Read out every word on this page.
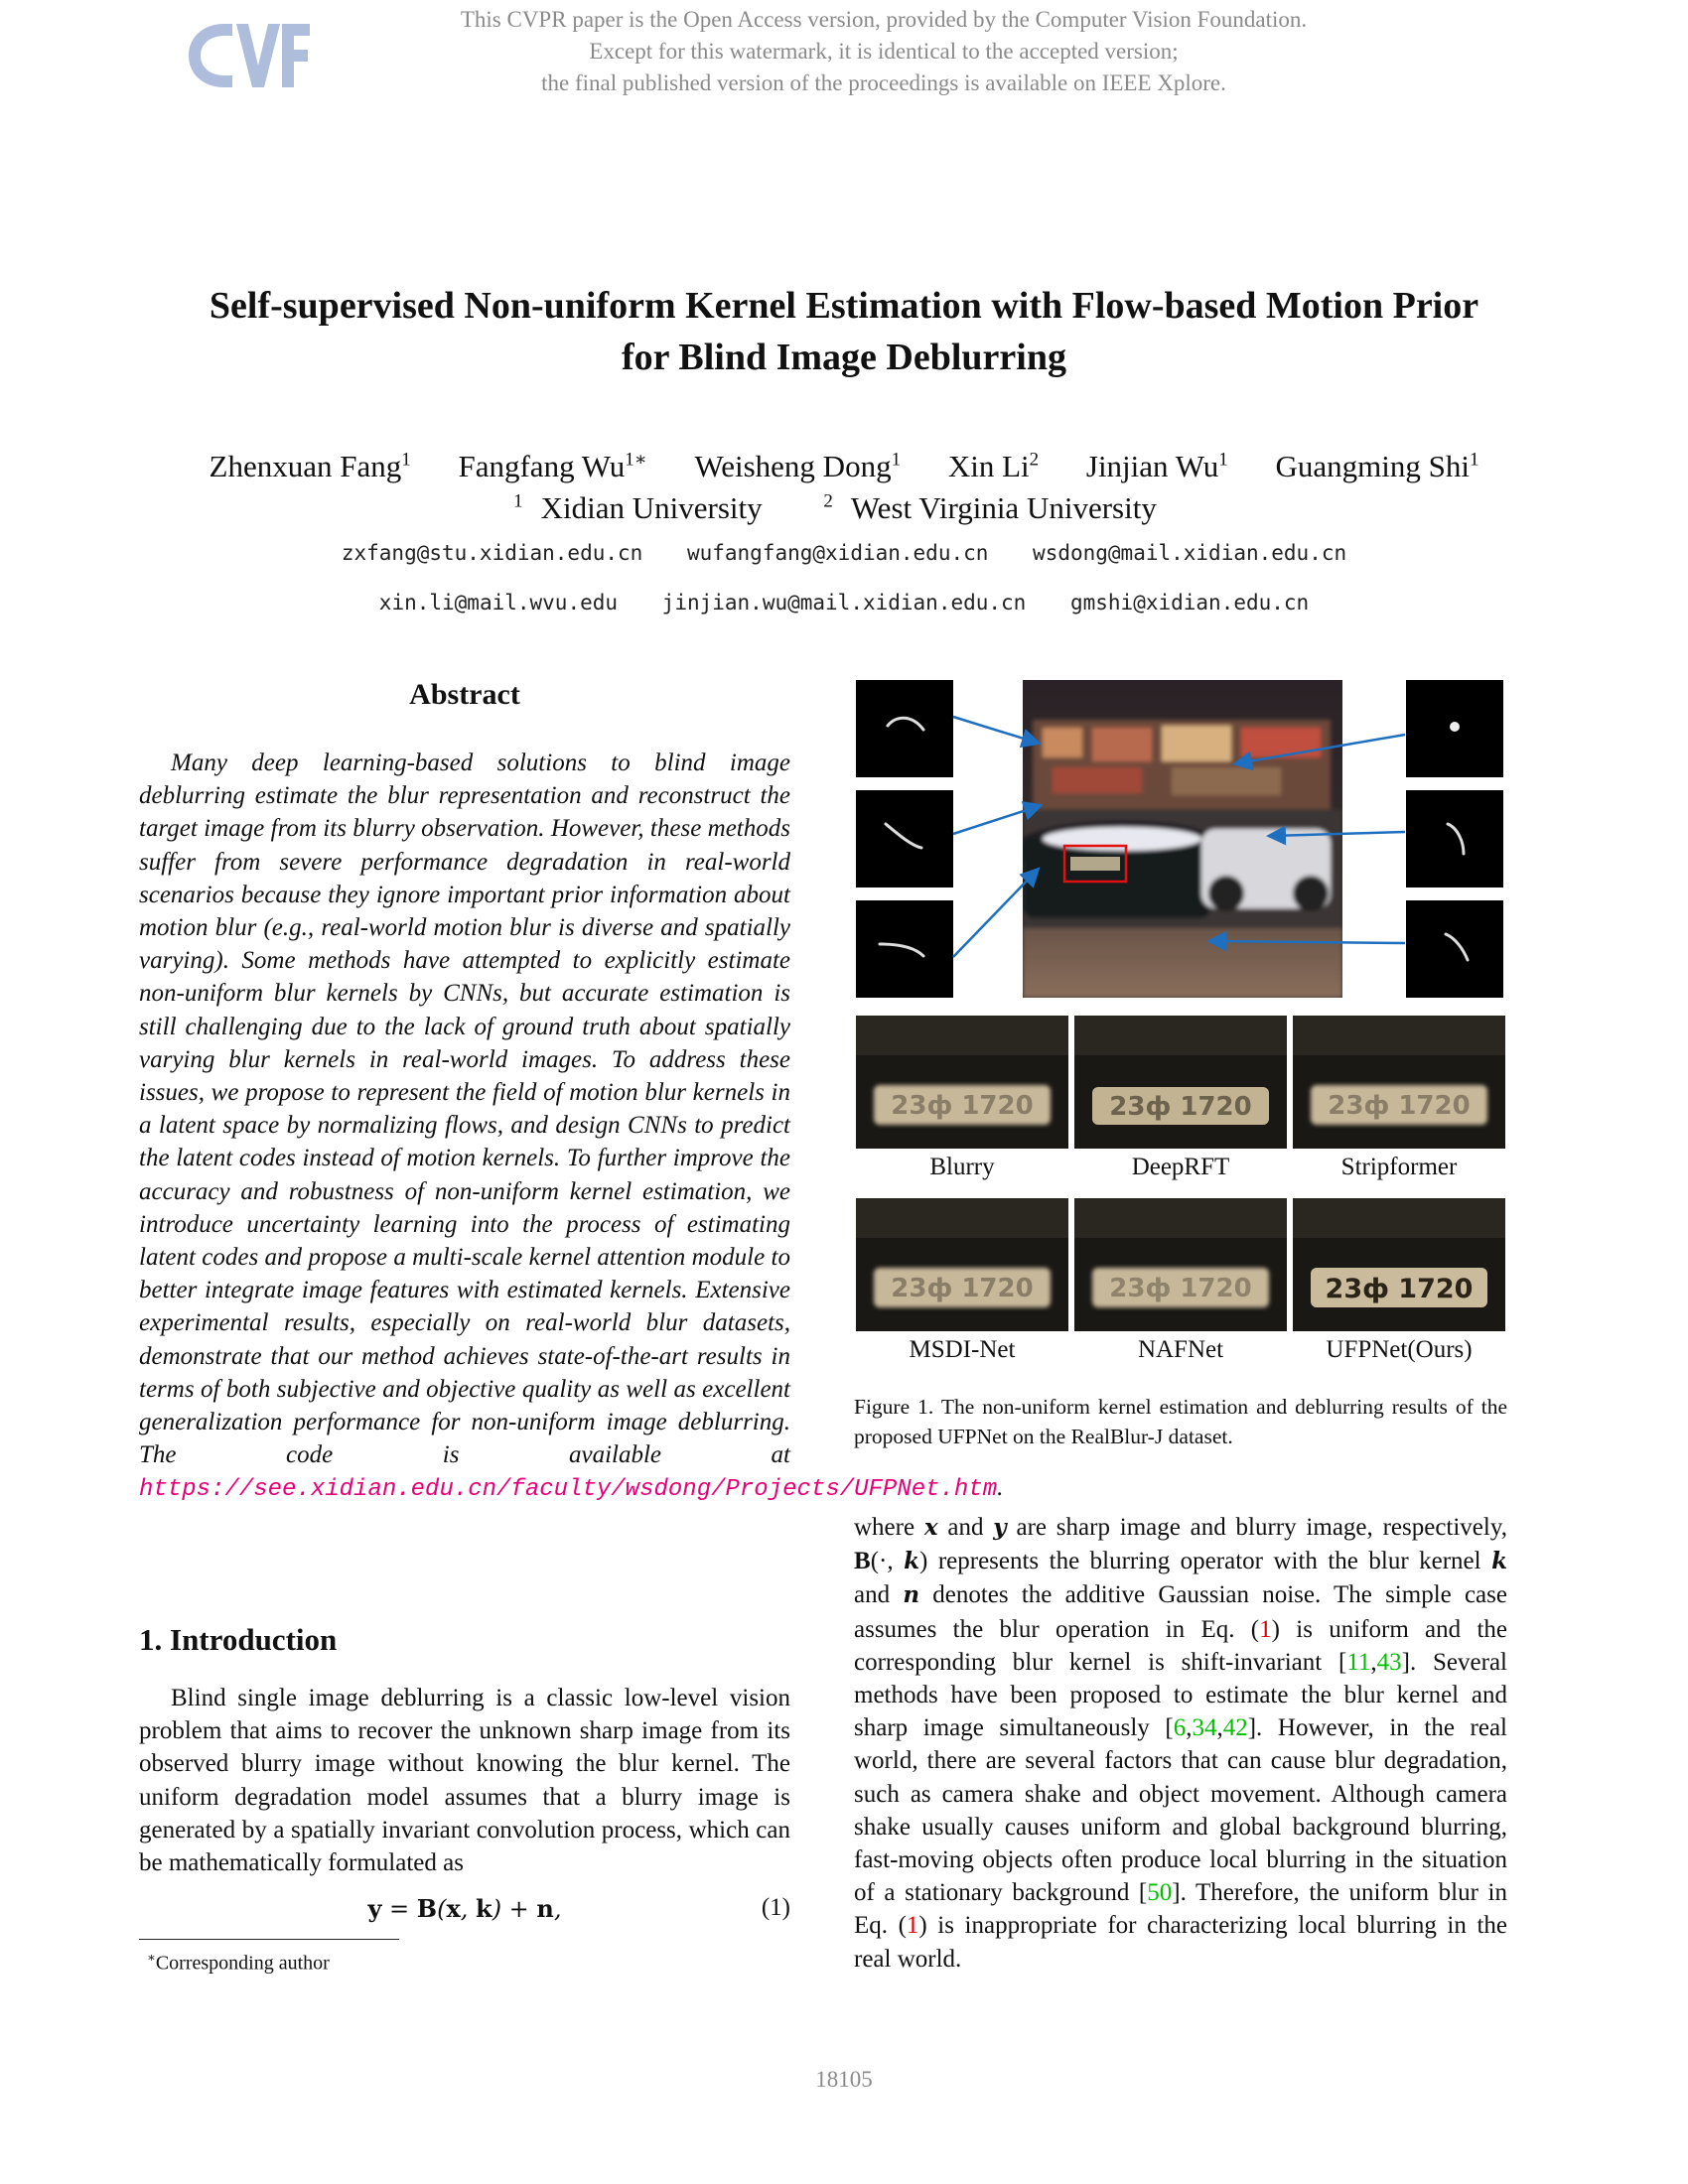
This CVPR paper is the Open Access version, provided by the Computer Vision Foundation.
Except for this watermark, it is identical to the accepted version;
the final published version of the proceedings is available on IEEE Xplore.
Self-supervised Non-uniform Kernel Estimation with Flow-based Motion Prior
for Blind Image Deblurring
Zhenxuan Fang$^1$ Fangfang $Wu^{1∗}$ Weisheng Dong$^1$ Xin Li$^2$ Jinjian Wu$^1$ Guangming Shi$^1$
$^1$ Xidian University	$^2$ West Virginia University
zxfang@stu.xidian.edu.cn wufangfang@xidian.edu.cn wsdong@mail.xidian.edu.cn
xin.li@mail.wvu.edu jinjian.wu@mail.xidian.edu.cn gmshi@xidian.edu.cn
Abstract
Many deep learning-based solutions to blind image deblurring estimate the blur representation and reconstruct the target image from its blurry observation. However, these methods suffer from severe performance degradation in real-world scenarios because they ignore important prior information about motion blur (e.g., real-world motion blur is diverse and spatially varying). Some methods have attempted to explicitly estimate non-uniform blur kernels by CNNs, but accurate estimation is still challenging due to the lack of ground truth about spatially varying blur kernels in real-world images. To address these issues, we propose to represent the field of motion blur kernels in a latent space by normalizing flows, and design CNNs to predict the latent codes instead of motion kernels. To further improve the accuracy and robustness of non-uniform kernel estimation, we introduce uncertainty learning into the process of estimating latent codes and propose a multi-scale kernel attention module to better integrate image features with estimated kernels. Extensive experimental results, especially on real-world blur datasets, demonstrate that our method achieves state-of-the-art results in terms of both subjective and objective quality as well as excellent generalization performance for non-uniform image deblurring. The code is available at https://see.xidian.edu.cn/faculty/wsdong/Projects/UFPNet.htm.
1. Introduction
Blind single image deblurring is a classic low-level vision problem that aims to recover the unknown sharp image from its observed blurry image without knowing the blur kernel. The uniform degradation model assumes that a blurry image is generated by a spatially invariant convolution process, which can be mathematically formulated as
y = B(x, k) + n,	(1)
∗Corresponding author
23ф 1720	23ф 1720	23ф 1720
Blurry	DeepRFT	Stripformer
23ф 1720	23ф 1720	23ф 1720
MSDI-Net	NAFNet	UFPNet(Ours)
Figure 1. The non-uniform kernel estimation and deblurring results of the proposed UFPNet on the RealBlur-J dataset.
where x and y are sharp image and blurry image, respectively, B(·, k) represents the blurring operator with the blur kernel k and n denotes the additive Gaussian noise. The simple case assumes the blur operation in Eq. (1) is uniform and the corresponding blur kernel is shift-invariant [11,43]. Several methods have been proposed to estimate the blur kernel and sharp image simultaneously [6,34,42]. However, in the real world, there are several factors that can cause blur degradation, such as camera shake and object movement. Although camera shake usually causes uniform and global background blurring, fast-moving objects often produce local blurring in the situation of a stationary background [50]. Therefore, the uniform blur in Eq. (1) is inappropriate for characterizing local blurring in the real world.
18105
